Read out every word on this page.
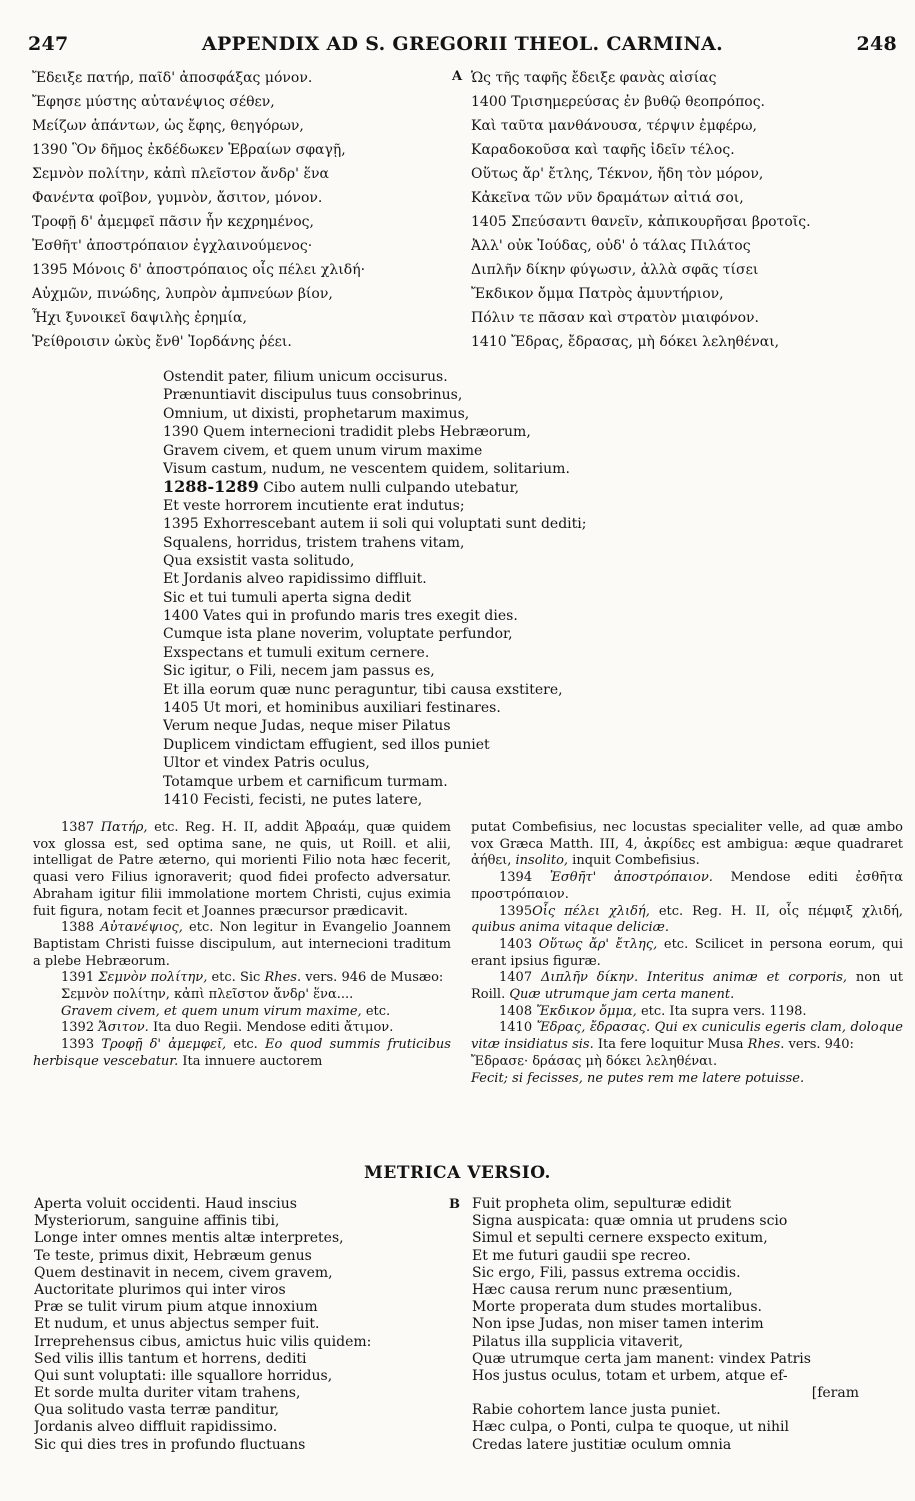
247	APPENDIX AD S. GREGORII THEOL. CARMINA.	248
Ἔδειξε πατήρ, παῖδ' ἀποσφάξας μόνον.
Ἔφησε μύστης αὐτανέψιος σέθεν,
Μείζων ἁπάντων, ὡς ἔφης, θεηγόρων,
1390 Ὃν δῆμος ἐκδέδωκεν Ἑβραίων σφαγῇ,
Σεμνὸν πολίτην, κἀπὶ πλεῖστον ἄνδρ' ἕνα
Φανέντα φοῖβον, γυμνὸν, ἄσιτον, μόνον.
Τροφῇ δ' ἀμεμφεῖ πᾶσιν ἦν κεχρημένος,
Ἐσθῆτ' ἀποστρόπαιον ἐγχλαινούμενος·
1395 Μόνοις δ' ἀποστρόπαιος οἷς πέλει χλιδή·
Αὐχμῶν, πινώδης, λυπρὸν ἀμπνεύων βίον,
Ἦχι ξυνοικεῖ δαψιλὴς ἐρημία,
Ῥείθροισιν ὠκὺς ἔνθ' Ἰορδάνης ῥέει.
A Ὡς τῆς ταφῆς ἔδειξε φανὰς αἰσίας
1400 Τρισημερεύσας ἐν βυθῷ θεοπρόπος.
Καὶ ταῦτα μανθάνουσα, τέρψιν ἐμφέρω,
Καραδοκοῦσα καὶ ταφῆς ἰδεῖν τέλος.
Οὕτως ἄρ' ἔτλης, Τέκνον, ἤδη τὸν μόρον,
Κἀκεῖνα τῶν νῦν δραμάτων αἰτιά σοι,
1405 Σπεύσαντι θανεῖν, κἀπικουρῆσαι βροτοῖς.
Ἀλλ' οὐκ Ἰούδας, οὐδ' ὁ τάλας Πιλάτος
Διπλῆν δίκην φύγωσιν, ἀλλὰ σφᾶς τίσει
Ἔκδικον ὄμμα Πατρὸς ἀμυντήριον,
Πόλιν τε πᾶσαν καὶ στρατὸν μιαιφόνον.
1410 Ἔδρας, ἔδρασας, μὴ δόκει λεληθέναι,
Ostendit pater, filium unicum occisurus.
Prænuntiavit discipulus tuus consobrinus,
Omnium, ut dixisti, prophetarum maximus,
1390 Quem internecioni tradidit plebs Hebræorum,
Gravem civem, et quem unum virum maxime
Visum castum, nudum, ne vescentem quidem, solitarium.
1288-1289 Cibo autem nulli culpando utebatur,
Et veste horrorem incutiente erat indutus;
1395 Exhorrescebant autem ii soli qui voluptati sunt dediti;
Squalens, horridus, tristem trahens vitam,
Qua exsistit vasta solitudo,
Et Jordanis alveo rapidissimo diffluit.
Sic et tui tumuli aperta signa dedit
1400 Vates qui in profundo maris tres exegit dies.
Cumque ista plane noverim, voluptate perfundor,
Exspectans et tumuli exitum cernere.
Sic igitur, o Fili, necem jam passus es,
Et illa eorum quæ nunc peraguntur, tibi causa exstitere,
1405 Ut mori, et hominibus auxiliari festinares.
Verum neque Judas, neque miser Pilatus
Duplicem vindictam effugient, sed illos puniet
Ultor et vindex Patris oculus,
Totamque urbem et carnificum turmam.
1410 Fecisti, fecisti, ne putes latere,

1387 Πατήρ, etc. Reg. H. II, addit Ἀβραάμ, quæ quidem vox glossa est, sed optima sane, ne quis, ut Roill. et alii, intelligat de Patre æterno, qui morienti Filio nota hæc fecerit, quasi vero Filius ignoraverit; quod fidei profecto adversatur. Abraham igitur filii immolatione mortem Christi, cujus eximia fuit figura, notam fecit et Joannes præcursor prædicavit.

1388 Αὐτανέψιος, etc. Non legitur in Evangelio Joannem Baptistam Christi fuisse discipulum, aut internecioni traditum a plebe Hebræorum.

1391 Σεμνὸν πολίτην, etc. Sic Rhes. vers. 946 de Musæo:

Σεμνὸν πολίτην, κἀπὶ πλεῖστον ἄνδρ' ἕνα....

Gravem civem, et quem unum virum maxime, etc.

1392 Ἄσιτον. Ita duo Regii. Mendose editi ἄτιμον.

1393 Τροφῇ δ' ἀμεμφεῖ, etc. Eo quod summis fruticibus herbisque vescebatur. Ita innuere auctorem

putat Combefisius, nec locustas specialiter velle, ad quæ ambo vox Græca Matth. III, 4, ἀκρίδες est ambigua: æque quadraret ἀήθει, insolito, inquit Combefisius.

1394 Ἐσθῆτ' ἀποστρόπαιον. Mendose editi ἐσθῆτα προστρόπαιον.

1395Οἷς πέλει χλιδή, etc. Reg. H. II, οἷς πέμφιξ χλιδή, quibus anima vitaque deliciæ.

1403 Οὕτως ἄρ' ἔτλης, etc. Scilicet in persona eorum, qui erant ipsius figuræ.

1407 Διπλῆν δίκην. Interitus animæ et corporis, non ut Roill. Quæ utrumque jam certa manent.

1408 Ἔκδικον ὄμμα, etc. Ita supra vers. 1198.

1410 Ἔδρας, ἔδρασας. Qui ex cuniculis egeris clam, doloque vitæ insidiatus sis. Ita fere loquitur Musa Rhes. vers. 940:

Ἔδρασε· δράσας μὴ δόκει λεληθέναι.

Fecit; si fecisses, ne putes rem me latere potuisse.

METRICA VERSIO.
Aperta voluit occidenti. Haud inscius
Mysteriorum, sanguine affinis tibi,
Longe inter omnes mentis altæ interpretes,
Te teste, primus dixit, Hebræum genus
Quem destinavit in necem, civem gravem,
Auctoritate plurimos qui inter viros
Præ se tulit virum pium atque innoxium
Et nudum, et unus abjectus semper fuit.
Irreprehensus cibus, amictus huic vilis quidem:
Sed vilis illis tantum et horrens, dediti
Qui sunt voluptati: ille squallore horridus,
Et sorde multa duriter vitam trahens,
Qua solitudo vasta terræ panditur,
Jordanis alveo diffluit rapidissimo.
Sic qui dies tres in profundo fluctuans
B Fuit propheta olim, sepulturæ edidit
Signa auspicata: quæ omnia ut prudens scio
Simul et sepulti cernere exspecto exitum,
Et me futuri gaudii spe recreo.
Sic ergo, Fili, passus extrema occidis.
Hæc causa rerum nunc præsentium,
Morte properata dum studes mortalibus.
Non ipse Judas, non miser tamen interim
Pilatus illa supplicia vitaverit,
Quæ utrumque certa jam manent: vindex Patris
Hos justus oculus, totam et urbem, atque ef-
[feram
Rabie cohortem lance justa puniet.
Hæc culpa, o Ponti, culpa te quoque, ut nihil
Credas latere justitiæ oculum omnia
